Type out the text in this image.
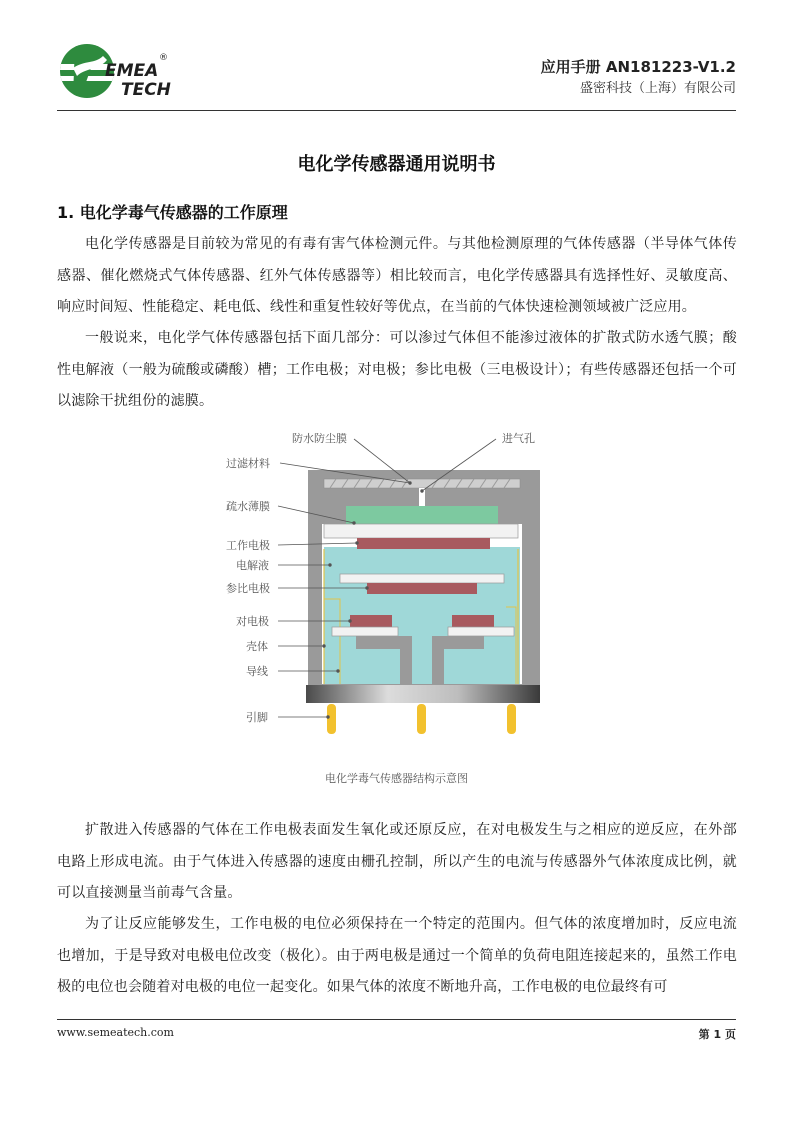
EMEA
TECH
®	应用手册 AN181223-V1.2
盛密科技（上海）有限公司
电化学传感器通用说明书
1. 电化学毒气传感器的工作原理

电化学传感器是目前较为常见的有毒有害气体检测元件。与其他检测原理的气体传感器（半导体气体传感器、催化燃烧式气体传感器、红外气体传感器等）相比较而言，电化学传感器具有选择性好、灵敏度高、响应时间短、性能稳定、耗电低、线性和重复性较好等优点，在当前的气体快速检测领域被广泛应用。

一般说来，电化学气体传感器包括下面几部分：可以渗过气体但不能渗过液体的扩散式防水透气膜；酸性电解液（一般为硫酸或磷酸）槽；工作电极；对电极；参比电极（三电极设计）；有些传感器还包括一个可以滤除干扰组份的滤膜。

防水防尘膜	进气孔
过滤材料
疏水薄膜
工作电极
电解液
参比电极
对电极
壳体
导线
引脚
电化学毒气传感器结构示意图

扩散进入传感器的气体在工作电极表面发生氧化或还原反应，在对电极发生与之相应的逆反应，在外部电路上形成电流。由于气体进入传感器的速度由栅孔控制，所以产生的电流与传感器外气体浓度成比例，就可以直接测量当前毒气含量。

为了让反应能够发生，工作电极的电位必须保持在一个特定的范围内。但气体的浓度增加时，反应电流也增加，于是导致对电极电位改变（极化）。由于两电极是通过一个简单的负荷电阻连接起来的，虽然工作电极的电位也会随着对电极的电位一起变化。如果气体的浓度不断地升高，工作电极的电位最终有可

www.semeatech.com	第 1 页
